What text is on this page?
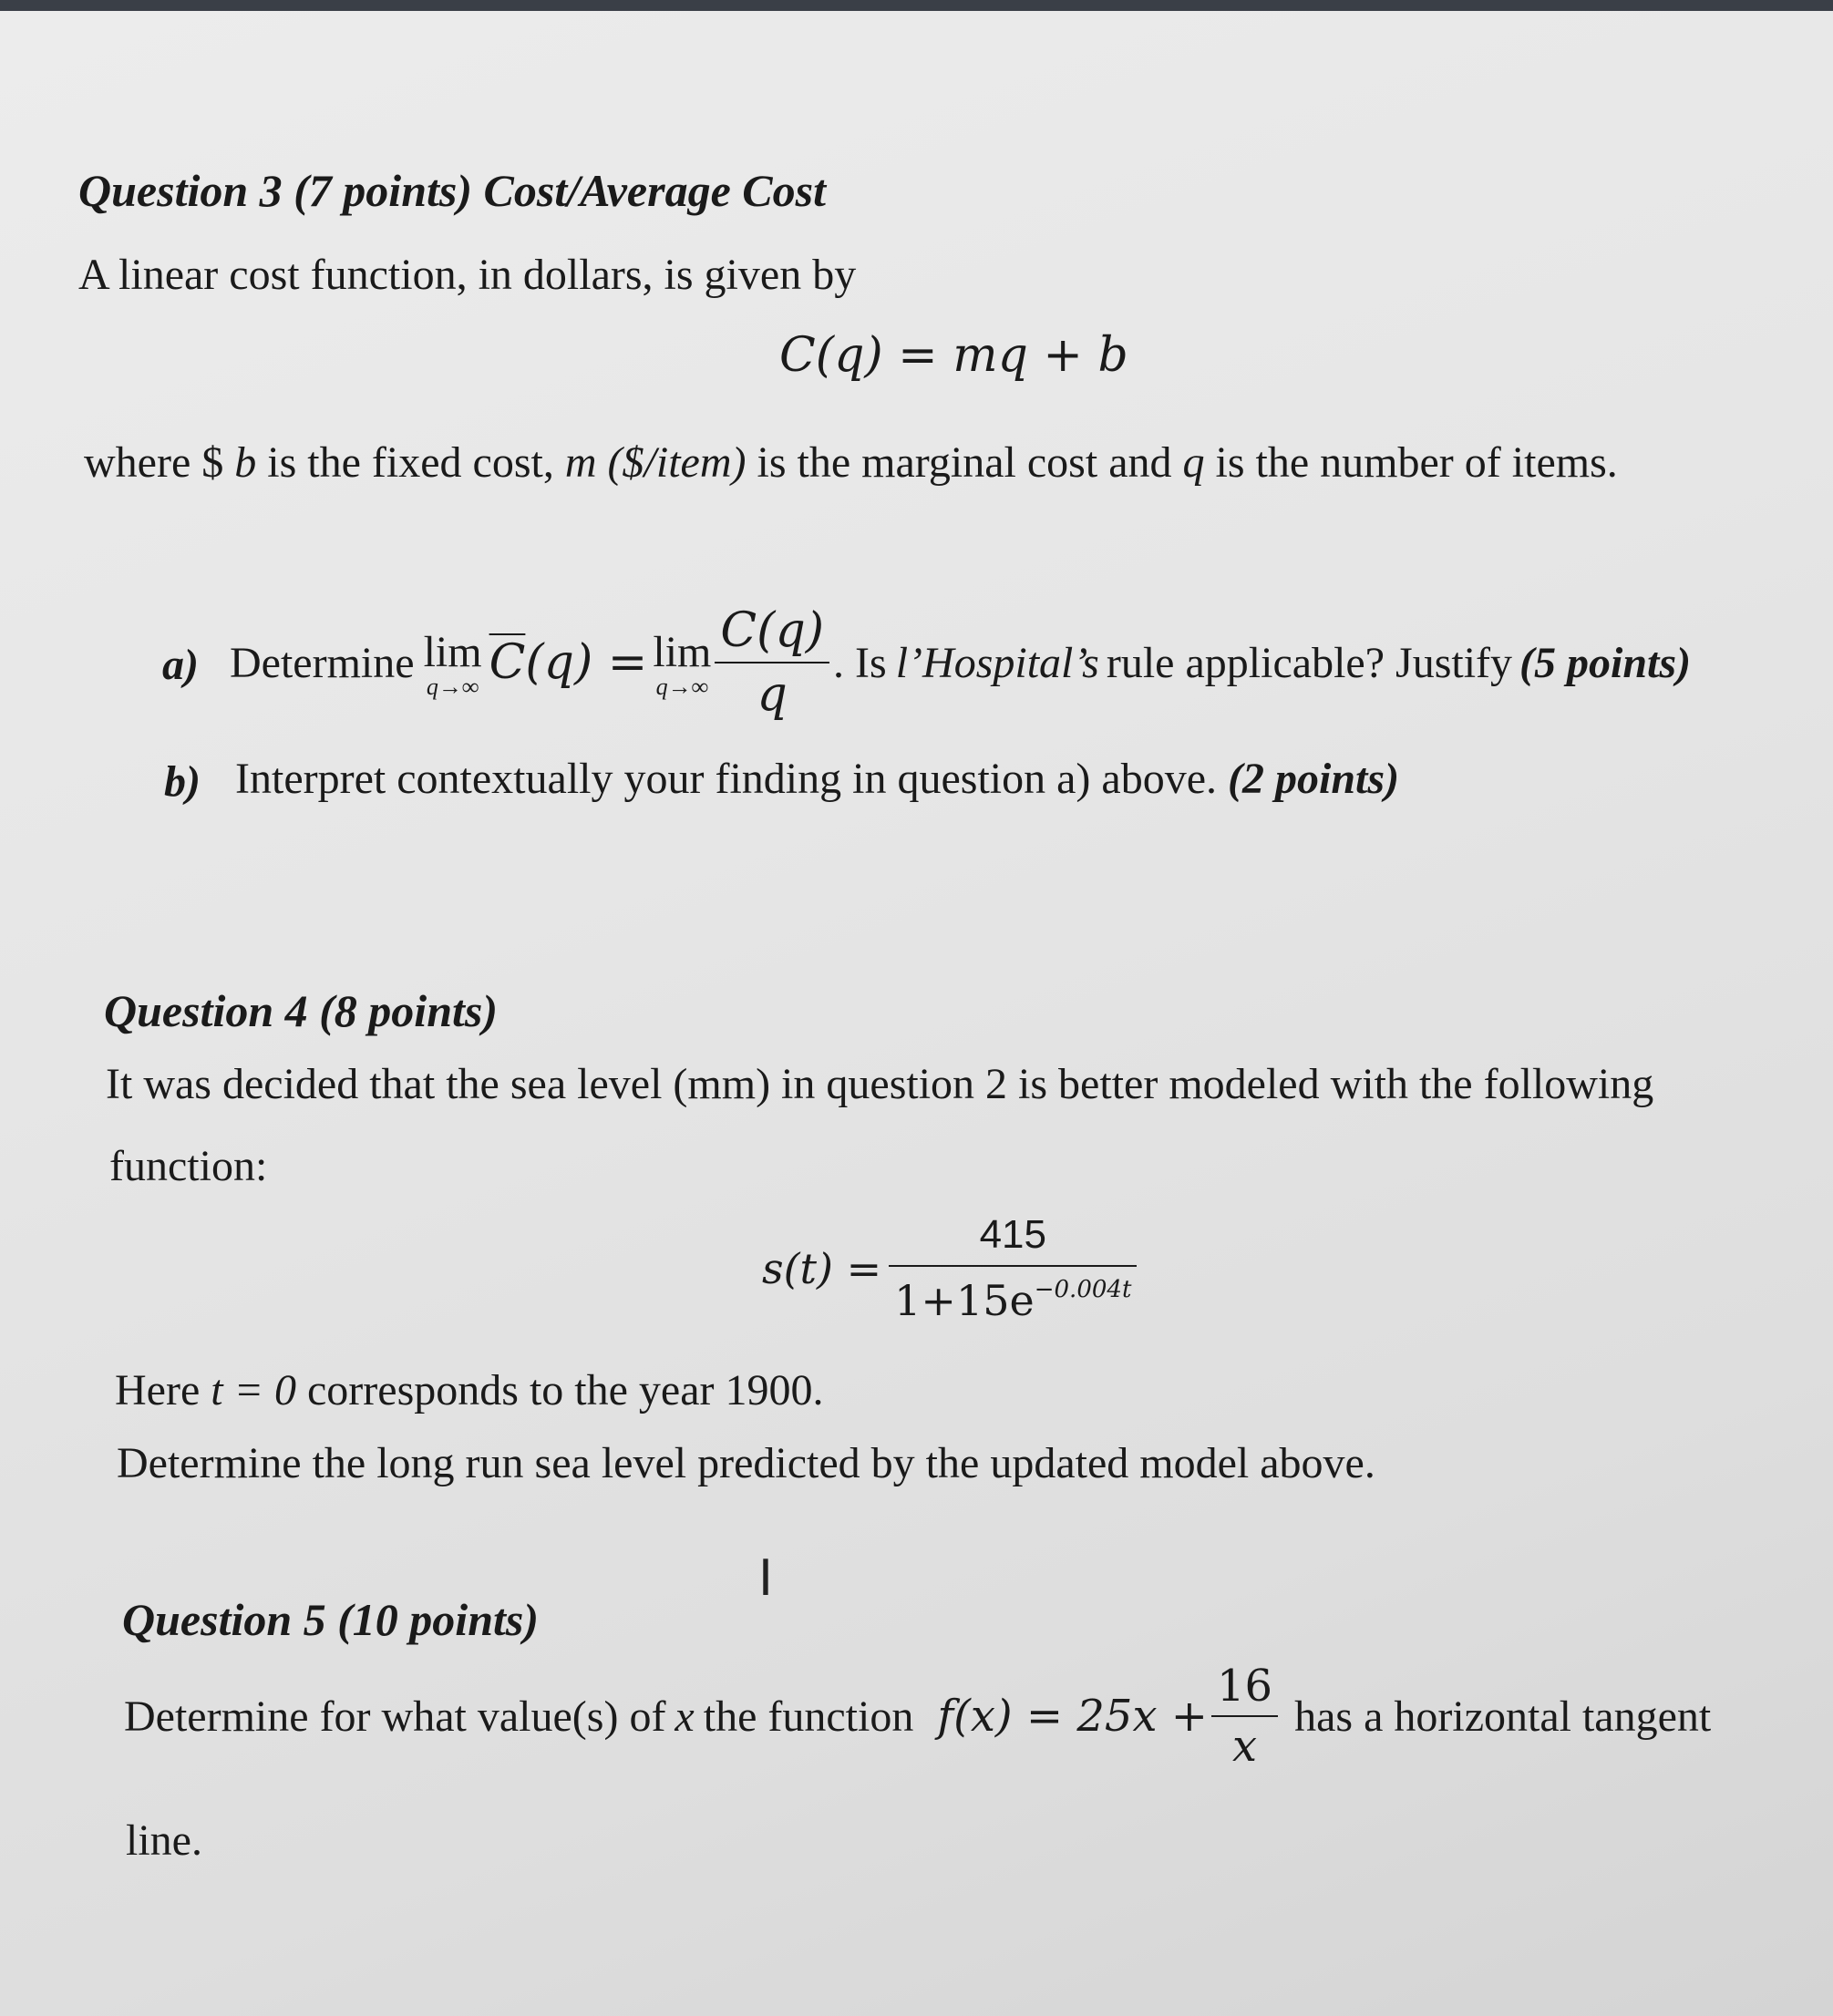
Question 3 (7 points) Cost/Average Cost
A linear cost function, in dollars, is given by
C(q) = mq + b
where $ b is the fixed cost, m ($/item) is the marginal cost and q is the number of items.
a) Determine lim
q→∞ $\overline{C}(q) = \lim$
$q\to\infty \frac{C(q)}{q}$ . Is l’Hospital’s rule applicable? Justify (5 points)
b) Interpret contextually your finding in question a) above. (2 points)
Question 4 (8 points)
It was decided that the sea level (mm) in question 2 is better modeled with the following
function:
$s(t) = \frac{415}{1+15e^{-0.004t}}$
Here t = 0 corresponds to the year 1900.
Determine the long run sea level predicted by the updated model above.
Question 5 (10 points)
Determine for what value(s) of x the function $f(x) = 25x + \frac{16}{x}$ has a horizontal tangent
line.
I
